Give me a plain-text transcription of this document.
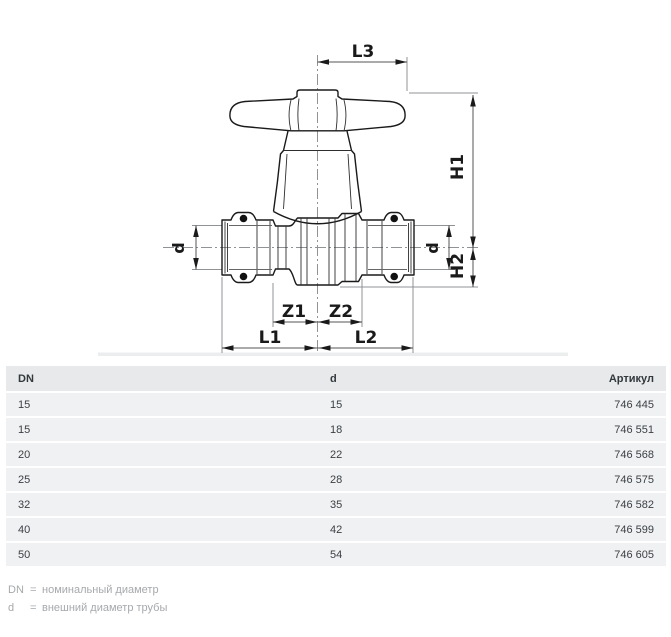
L3
H1
H2
d	d
Z1 Z2
L1	L2
DN	d	Артикул
15	15	746 445
15	18	746 551
20	22	746 568
25	28	746 575
32	35	746 582
40	42	746 599
50	54	746 605
DN = номинальный диаметр
d	= внешний диаметр трубы
